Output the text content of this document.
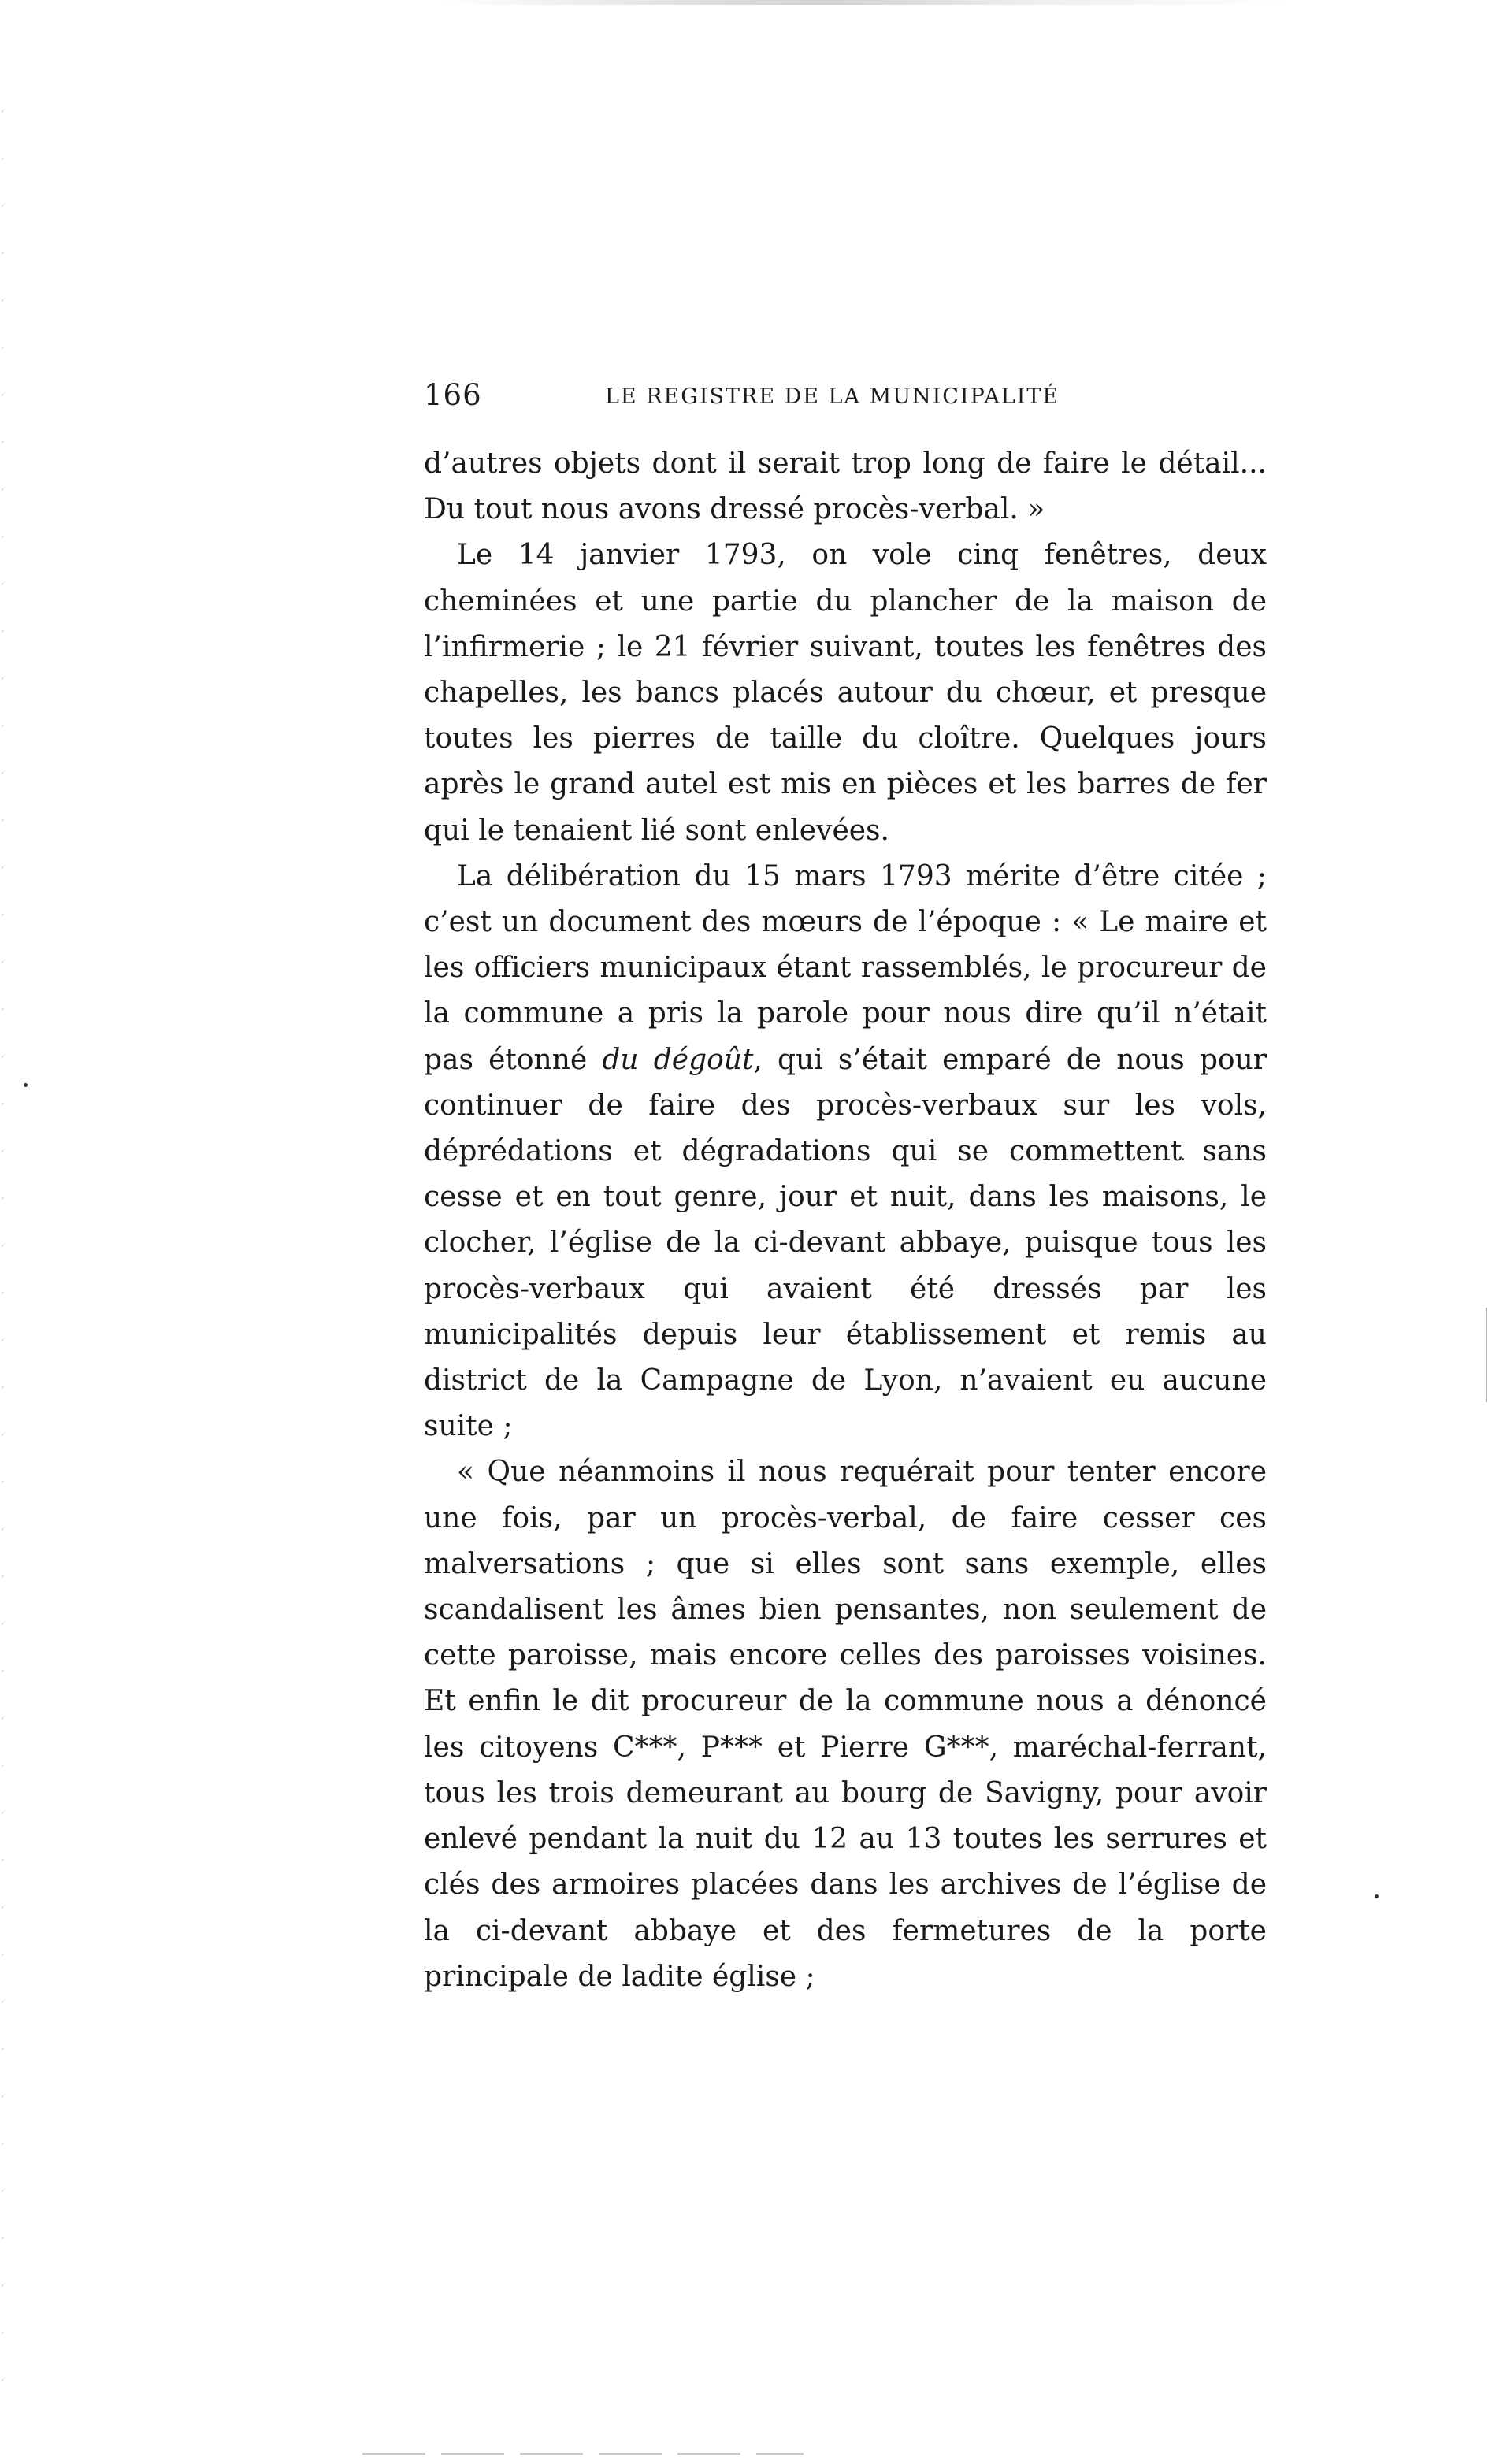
166	LE REGISTRE DE LA MUNICIPALITÉ

d’autres objets dont il serait trop long de faire le détail... Du tout nous avons dressé procès-verbal. »

Le 14 janvier 1793, on vole cinq fenêtres, deux cheminées et une partie du plancher de la maison de l’infirmerie ; le 21 février suivant, toutes les fenêtres des chapelles, les bancs placés autour du chœur, et presque toutes les pierres de taille du cloître. Quelques jours après le grand autel est mis en pièces et les barres de fer qui le tenaient lié sont enlevées.

La délibération du 15 mars 1793 mérite d’être citée ; c’est un document des mœurs de l’époque : « Le maire et les officiers municipaux étant rassemblés, le procureur de la commune a pris la parole pour nous dire qu’il n’était pas étonné du dégoût, qui s’était emparé de nous pour continuer de faire des procès-verbaux sur les vols, déprédations et dégradations qui se commettent sans cesse et en tout genre, jour et nuit, dans les maisons, le clocher, l’église de la ci-devant abbaye, puisque tous les procès-verbaux qui avaient été dressés par les municipalités depuis leur établissement et remis au district de la Campagne de Lyon, n’avaient eu aucune suite ;

« Que néanmoins il nous requérait pour tenter encore une fois, par un procès-verbal, de faire cesser ces malversations ; que si elles sont sans exemple, elles scandalisent les âmes bien pensantes, non seulement de cette paroisse, mais encore celles des paroisses voisines. Et enfin le dit procureur de la commune nous a dénoncé les citoyens C***, P*** et Pierre G***, maréchal-ferrant, tous les trois demeurant au bourg de Savigny, pour avoir enlevé pendant la nuit du 12 au 13 toutes les serrures et clés des armoires placées dans les archives de l’église de la ci-devant abbaye et des fermetures de la porte principale de ladite église ;
